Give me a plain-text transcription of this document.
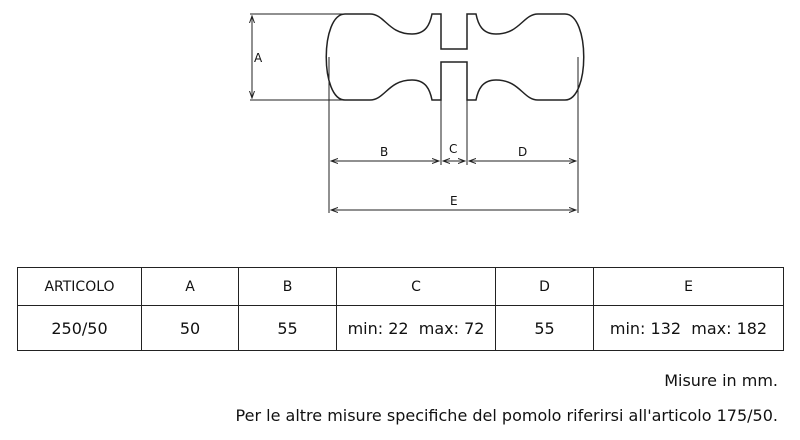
A
B	C	D
E
ARTICOLO	A	B	C	D	E
250/50	50	55	min: 22  max: 72	55	min: 132  max: 182
Misure in mm.
Per le altre misure specifiche del pomolo riferirsi all'articolo 175/50.
